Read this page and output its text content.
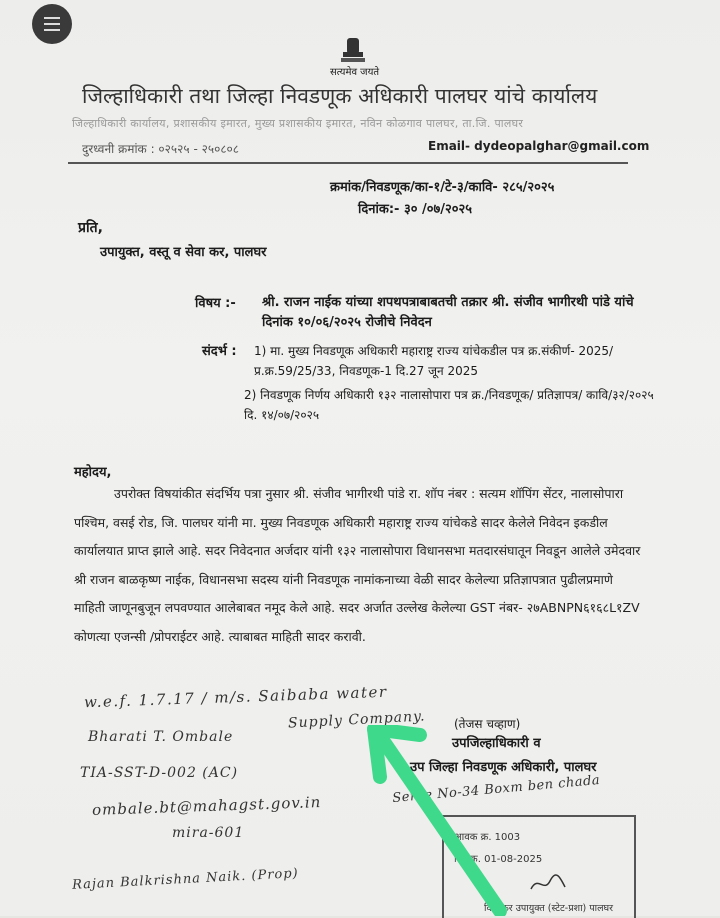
सत्यमेव जयते
जिल्हाधिकारी तथा जिल्हा निवडणूक अधिकारी पालघर यांचे कार्यालय
जिल्हाधिकारी कार्यालय, प्रशासकीय इमारत, मुख्य प्रशासकीय इमारत, नविन कोळगाव पालघर, ता.जि. पालघर
दुरध्वनी क्रमांक : ०२५२५ - २५०८०८	Email- dydeopalghar@gmail.com
क्रमांक/निवडणूक/का-१/टे-३/कावि- २८५/२०२५
दिनांक:- ३० /०७/२०२५
प्रति,
उपायुक्त, वस्तू व सेवा कर, पालघर
विषय :- श्री. राजन नाईक यांच्या शपथपत्राबाबतची तक्रार श्री. संजीव भागीरथी पांडे यांचे दिनांक १०/०६/२०२५ रोजीचे निवेदन
संदर्भ : 1) मा. मुख्य निवडणूक अधिकारी महाराष्ट्र राज्य यांचेकडील पत्र क्र.संकीर्ण- 2025/प्र.क्र.59/25/33, निवडणूक-1 दि.27 जून 2025
2) निवडणूक निर्णय अधिकारी १३२ नालासोपारा पत्र क्र./निवडणूक/ प्रतिज्ञापत्र/ कावि/३२/२०२५ दि. १४/०७/२०२५
महोदय,
उपरोक्त विषयांकीत संदर्भिय पत्रा नुसार श्री. संजीव भागीरथी पांडे रा. शॉप नंबर : सत्यम शॉपिंग सेंटर, नालासोपारा पश्चिम, वसई रोड, जि. पालघर यांनी मा. मुख्य निवडणूक अधिकारी महाराष्ट्र राज्य यांचेकडे सादर केलेले निवेदन इकडील कार्यालयात प्राप्त झाले आहे. सदर निवेदनात अर्जदार यांनी १३२ नालासोपारा विधानसभा मतदारसंघातून निवडून आलेले उमेदवार श्री राजन बाळकृष्ण नाईक, विधानसभा सदस्य यांनी निवडणूक नामांकनाच्या वेळी सादर केलेल्या प्रतिज्ञापत्रात पुढीलप्रमाणे माहिती जाणूनबुजून लपवण्यात आलेबाबत नमूद केले आहे. सदर अर्जात उल्लेख केलेल्या GST नंबर- २७ABNPN६१६८L१ZV कोणत्या एजन्सी /प्रोपराईटर आहे. त्याबाबत माहिती सादर करावी.
w.e.f. 1.7.17 / m/s. Saibaba water
Supply Company.
Bharati T. Ombale
TIA-SST-D-002 (AC)
ombale.bt@mahagst.gov.in	Serve No-34 Boxm ben chada
mira-601
Rajan Balkrishna Naik. (Prop)
(तेजस चव्हाण)
उपजिल्हाधिकारी व
उप जिल्हा निवडणूक अधिकारी, पालघर
आवक क्र. 1003
दिनांक. 01-08-2025
विक्रीकर उपायुक्त (स्टेट-प्रशा) पालघर
